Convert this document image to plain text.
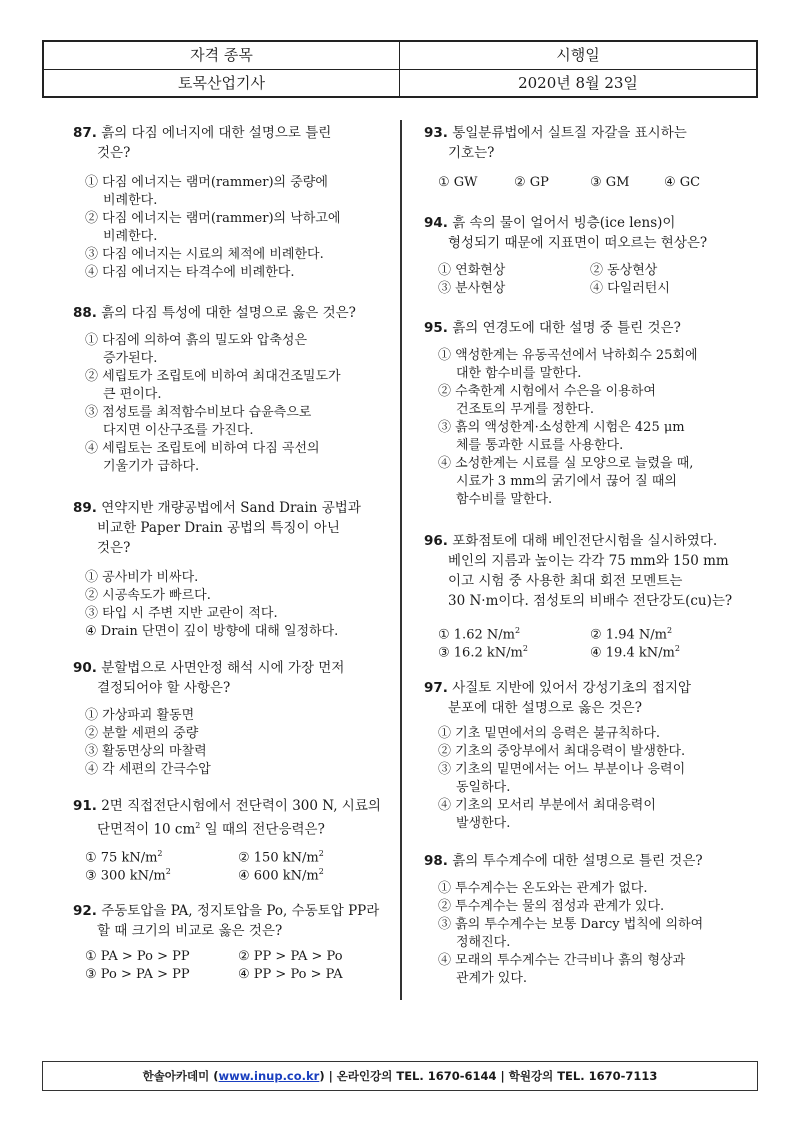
자격 종목	시행일
토목산업기사	2020년 8월 23일
87. 흙의 다짐 에너지에 대한 설명으로 틀린
것은?
① 다짐 에너지는 램머(rammer)의 중량에
비례한다.
② 다짐 에너지는 램머(rammer)의 낙하고에
비례한다.
③ 다짐 에너지는 시료의 체적에 비례한다.
④ 다짐 에너지는 타격수에 비례한다.
88. 흙의 다짐 특성에 대한 설명으로 옳은 것은?
① 다짐에 의하여 흙의 밀도와 압축성은
증가된다.
② 세립토가 조립토에 비하여 최대건조밀도가
큰 편이다.
③ 점성토를 최적함수비보다 습윤측으로
다지면 이산구조를 가진다.
④ 세립토는 조립토에 비하여 다짐 곡선의
기울기가 급하다.
89. 연약지반 개량공법에서 Sand Drain 공법과
비교한 Paper Drain 공법의 특징이 아닌
것은?
① 공사비가 비싸다.
② 시공속도가 빠르다.
③ 타입 시 주변 지반 교란이 적다.
④ Drain 단면이 깊이 방향에 대해 일정하다.
90. 분할법으로 사면안정 해석 시에 가장 먼저
결정되어야 할 사항은?
① 가상파괴 활동면
② 분할 세편의 중량
③ 활동면상의 마찰력
④ 각 세편의 간극수압
91. 2면 직접전단시험에서 전단력이 300 N, 시료의
단면적이 10 $cm^2$ 일 때의 전단응력은?
① 75 $kN/m^2$	② 150 $kN/m^2$
③ 300 $kN/m^2$	④ 600 $kN/m^2$
92. 주동토압을 PA, 정지토압을 Po, 수동토압 PP라
할 때 크기의 비교로 옳은 것은?
① PA > Po > PP	② PP > PA > Po
③ Po > PA > PP	④ PP > Po > PA
93. 통일분류법에서 실트질 자갈을 표시하는
기호는?
① GW	② GP	③ GM	④ GC
94. 흙 속의 물이 얼어서 빙층(ice lens)이
형성되기 때문에 지표면이 떠오르는 현상은?
① 연화현상	② 동상현상
③ 분사현상	④ 다일러턴시
95. 흙의 연경도에 대한 설명 중 틀린 것은?
① 액성한계는 유동곡선에서 낙하회수 25회에
대한 함수비를 말한다.
② 수축한계 시험에서 수은을 이용하여
건조토의 무게를 정한다.
③ 흙의 액성한계·소성한계 시험은 425 μm
체를 통과한 시료를 사용한다.
④ 소성한계는 시료를 실 모양으로 늘렸을 때,
시료가 3 mm의 굵기에서 끊어 질 때의
함수비를 말한다.
96. 포화점토에 대해 베인전단시험을 실시하였다.
베인의 지름과 높이는 각각 75 mm와 150 mm
이고 시험 중 사용한 최대 회전 모멘트는
30 N·m이다. 점성토의 비배수 전단강도(cu)는?
① 1.62 $N/m^2$	② 1.94 $N/m^2$
③ 16.2 $kN/m^2$	④ 19.4 $kN/m^2$
97. 사질토 지반에 있어서 강성기초의 접지압
분포에 대한 설명으로 옳은 것은?
① 기초 밑면에서의 응력은 불규칙하다.
② 기초의 중앙부에서 최대응력이 발생한다.
③ 기초의 밑면에서는 어느 부분이나 응력이
동일하다.
④ 기초의 모서리 부분에서 최대응력이
발생한다.
98. 흙의 투수계수에 대한 설명으로 틀린 것은?
① 투수계수는 온도와는 관계가 없다.
② 투수계수는 물의 점성과 관계가 있다.
③ 흙의 투수계수는 보통 Darcy 법칙에 의하여
정해진다.
④ 모래의 투수계수는 간극비나 흙의 형상과
관계가 있다.
한솔아카데미 (www.inup.co.kr) | 온라인강의 TEL. 1670-6144 | 학원강의 TEL. 1670-7113
